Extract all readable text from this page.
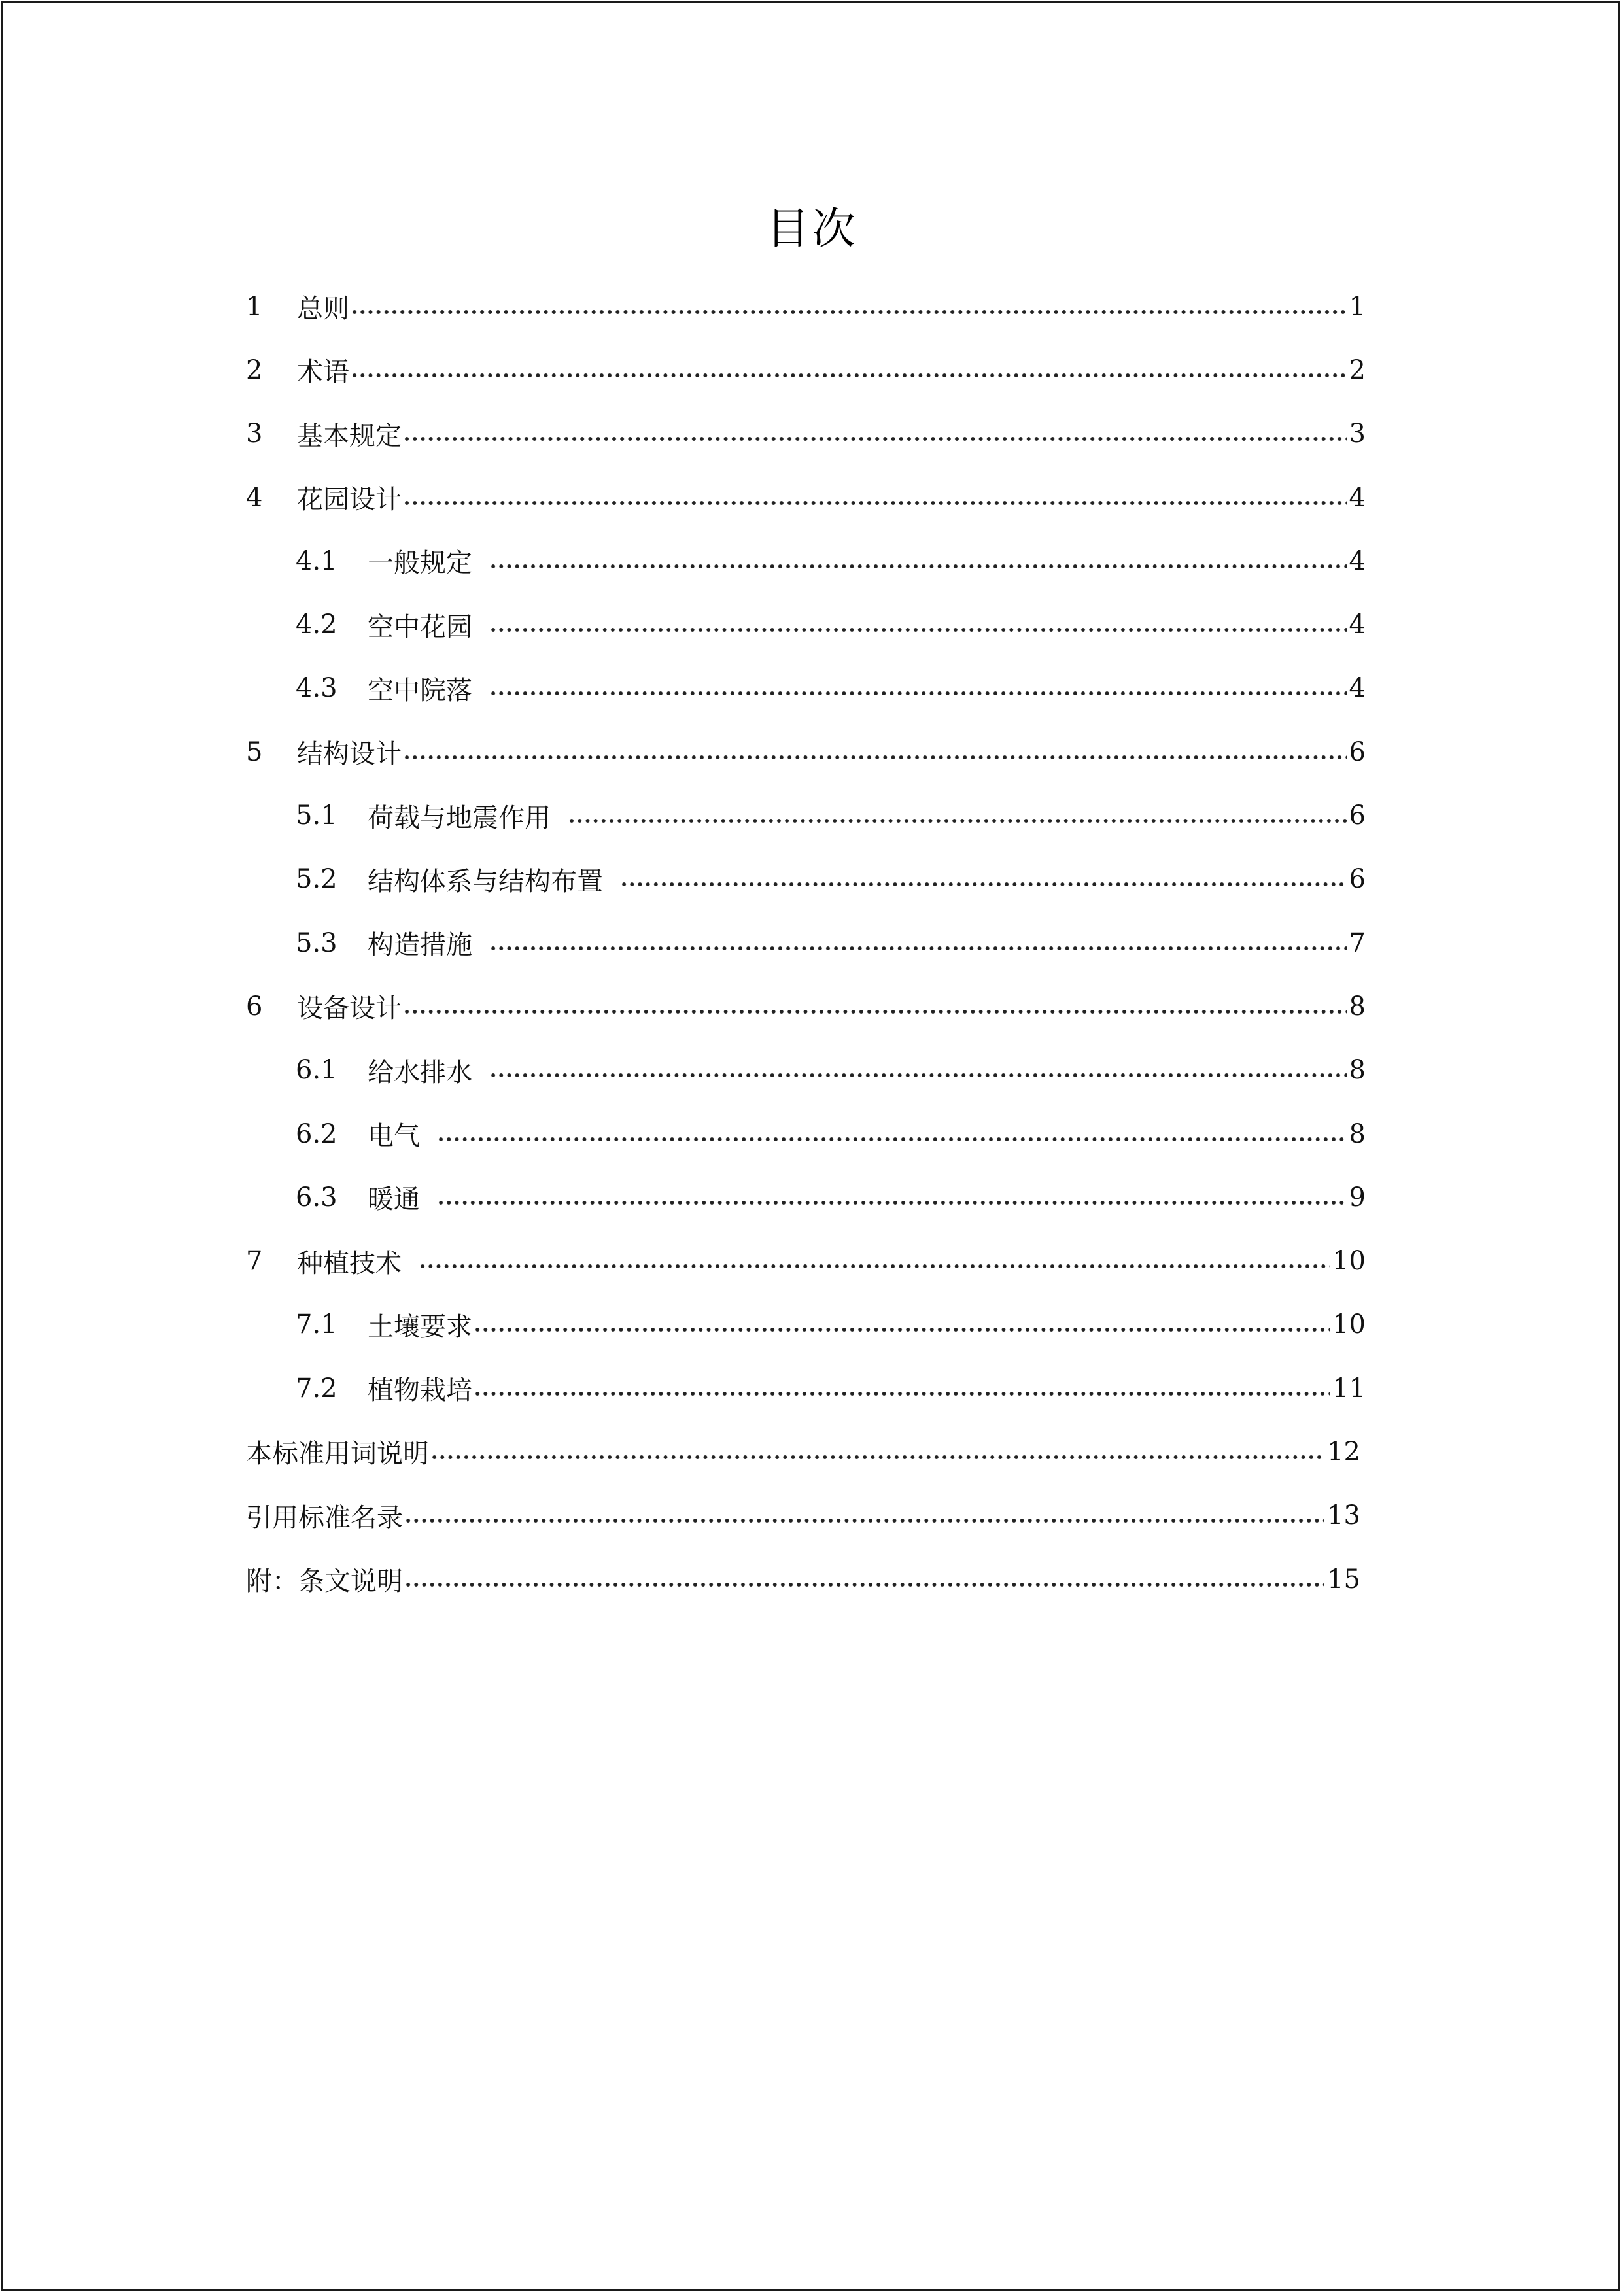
目次
1	总则	1
2	术语	2
3	基本规定	3
4	花园设计	4
4.1	一般规定	4
4.2	空中花园	4
4.3	空中院落	4
5	结构设计	6
5.1	荷载与地震作用	6
5.2	结构体系与结构布置	6
5.3	构造措施	7
6	设备设计	8
6.1	给水排水	8
6.2	电气	8
6.3	暖通	9
7	种植技术	10
7.1	土壤要求	10
7.2	植物栽培	11
本标准用词说明	12
引用标准名录	13
附：条文说明	15
